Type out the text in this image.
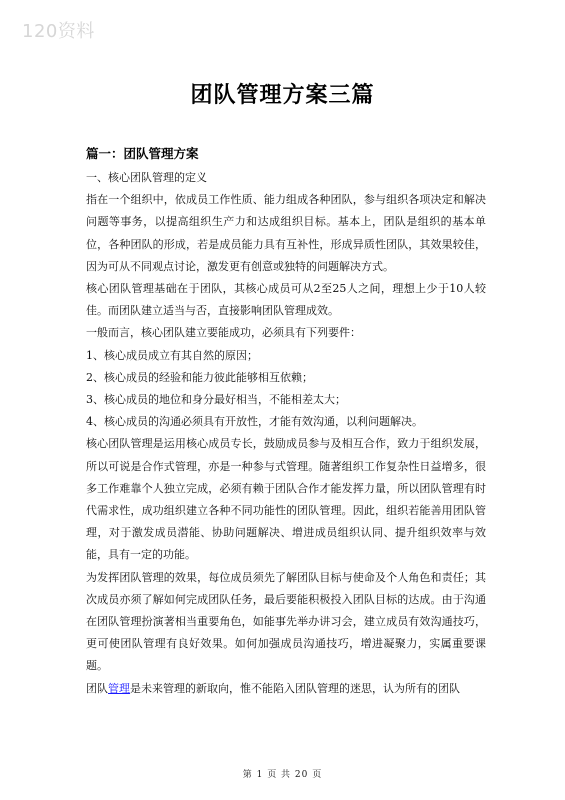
120资料
团队管理方案三篇
篇一：团队管理方案

一、核心团队管理的定义

指在一个组织中，依成员工作性质、能力组成各种团队，参与组织各项决定和解决问题等事务，以提高组织生产力和达成组织目标。基本上，团队是组织的基本单位，各种团队的形成，若是成员能力具有互补性，形成异质性团队，其效果较佳，因为可从不同观点讨论，激发更有创意或独特的问题解决方式。

核心团队管理基础在于团队，其核心成员可从2至25人之间，理想上少于10人较佳。而团队建立适当与否，直接影响团队管理成效。

一般而言，核心团队建立要能成功，必须具有下列要件：

1、核心成员成立有其自然的原因；

2、核心成员的经验和能力彼此能够相互依赖；

3、核心成员的地位和身分最好相当，不能相差太大；

4、核心成员的沟通必须具有开放性，才能有效沟通，以利问题解决。

核心团队管理是运用核心成员专长，鼓励成员参与及相互合作，致力于组织发展，所以可说是合作式管理，亦是一种参与式管理。随著组织工作复杂性日益增多，很多工作难靠个人独立完成，必须有赖于团队合作才能发挥力量，所以团队管理有时代需求性，成功组织建立各种不同功能性的团队管理。因此，组织若能善用团队管理，对于激发成员潜能、协助问题解决、增进成员组织认同、提升组织效率与效能，具有一定的功能。

为发挥团队管理的效果，每位成员须先了解团队目标与使命及个人角色和责任；其次成员亦须了解如何完成团队任务，最后要能积极投入团队目标的达成。由于沟通在团队管理扮演著相当重要角色，如能事先举办讲习会，建立成员有效沟通技巧，更可使团队管理有良好效果。如何加强成员沟通技巧，增进凝聚力，实属重要课题。

团队管理是未来管理的新取向，惟不能陷入团队管理的迷思，认为所有的团队

第 1 页 共 20 页
